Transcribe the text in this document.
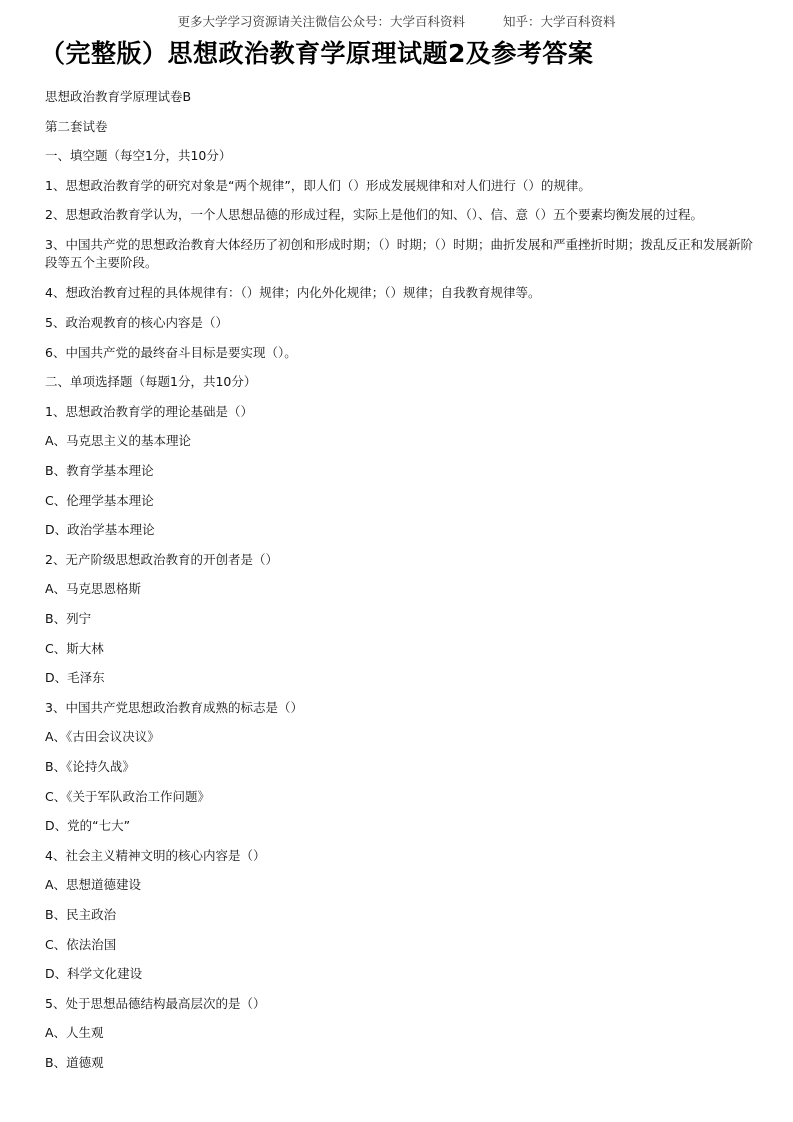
更多大学学习资源请关注微信公众号：大学百科资料	知乎：大学百科资料
（完整版）思想政治教育学原理试题2及参考答案

思想政治教育学原理试卷B

第二套试卷

一、填空题（每空1分，共10分）

1、思想政治教育学的研究对象是“两个规律”，即人们（）形成发展规律和对人们进行（）的规律。

2、思想政治教育学认为，一个人思想品德的形成过程，实际上是他们的知、（）、信、意（）五个要素均衡发展的过程。

3、中国共产党的思想政治教育大体经历了初创和形成时期；（）时期；（）时期；曲折发展和严重挫折时期；拨乱反正和发展新阶段等五个主要阶段。

4、想政治教育过程的具体规律有：（）规律；内化外化规律；（）规律；自我教育规律等。

5、政治观教育的核心内容是（）

6、中国共产党的最终奋斗目标是要实现（）。

二、单项选择题（每题1分，共10分）

1、思想政治教育学的理论基础是（）

A、马克思主义的基本理论

B、教育学基本理论

C、伦理学基本理论

D、政治学基本理论

2、无产阶级思想政治教育的开创者是（）

A、马克思恩格斯

B、列宁

C、斯大林

D、毛泽东

3、中国共产党思想政治教育成熟的标志是（）

A、《古田会议决议》

B、《论持久战》

C、《关于军队政治工作问题》

D、党的“七大”

4、社会主义精神文明的核心内容是（）

A、思想道德建设

B、民主政治

C、依法治国

D、科学文化建设

5、处于思想品德结构最高层次的是（）

A、人生观

B、道德观
